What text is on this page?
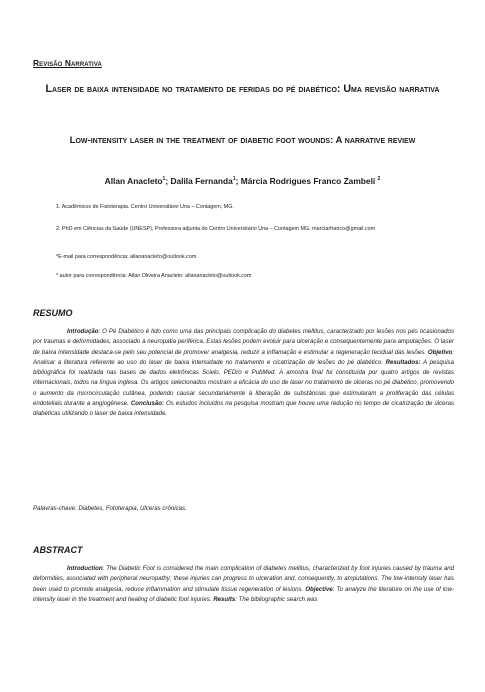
Revisão Narrativa
Laser de baixa intensidade no tratamento de feridas do pé diabético: Uma revisão narrativa
Low-intensity laser in the treatment of diabetic foot wounds: A narrative review
Allan Anacleto$^1$; Dalila Fernanda$^1$; Márcia Rodrigues Franco Zambeli $^2$
1. Acadêmicos de Fisioterapia. Centro Universitário Una – Contagem, MG.
2. PhD em Ciências da Saúde (UNESP), Professora adjunta do Centro Universitário Una – Contagem MG. marciarfranco@gmail.com
*E-mail para correspondência: allananacleto@outlook.com
* autor para correspondência: Allan Oliveira Anacleto: allananacleto@outlook.com
RESUMO
Introdução: O Pé Diabético é tido como uma das principais complicação do diabetes mellitus, caracterizado por lesões nos pés ocasionados por traumas e deformidades, associado à neuropatia periférica. Estas lesões podem evoluir para ulceração e consequentemente para amputações. O laser de baixa intensidade destaca-se pelo seu potencial de promover analgesia, reduzir a inflamação e estimular a regeneração tecidual das lesões. Objetivo: Analisar a literatura referente ao uso do laser de baixa intensidade no tratamento e cicatrização de lesões do pé diabético. Resultados: A pesquisa bibliográfica foi realizada nas bases de dados eletrônicas Scielo, PEDro e PubMed. A amostra final foi constituída por quatro artigos de revistas internacionais, todos na língua inglesa. Os artigos selecionados mostram a eficácia do uso de laser no tratamento de úlceras no pé diabético, promovendo o aumento da microcirculação cutânea, podendo causar secundariamente à liberação de substâncias que estimularam a proliferação das células endoteliais durante a angiogênese. Conclusão: Os estudos incluídos na pesquisa mostram que houve uma redução no tempo de cicatrização de úlceras diabéticas utilizando o laser de baixa intensidade.
Palavras-chave: Diabetes, Fototerapia, Ulceras crônicas.
ABSTRACT
Introduction: The Diabetic Foot is considered the main complication of diabetes mellitus, characterized by foot injuries caused by trauma and deformities, associated with peripheral neuropathy; these injuries can progress to ulceration and, consequently, to amputations. The low-intensity laser has been used to promote analgesia, reduce inflammation and stimulate tissue regeneration of lesions. Objective: To analyze the literature on the use of low-intensity laser in the treatment and healing of diabetic foot injuries. Results: The bibliographic search was
